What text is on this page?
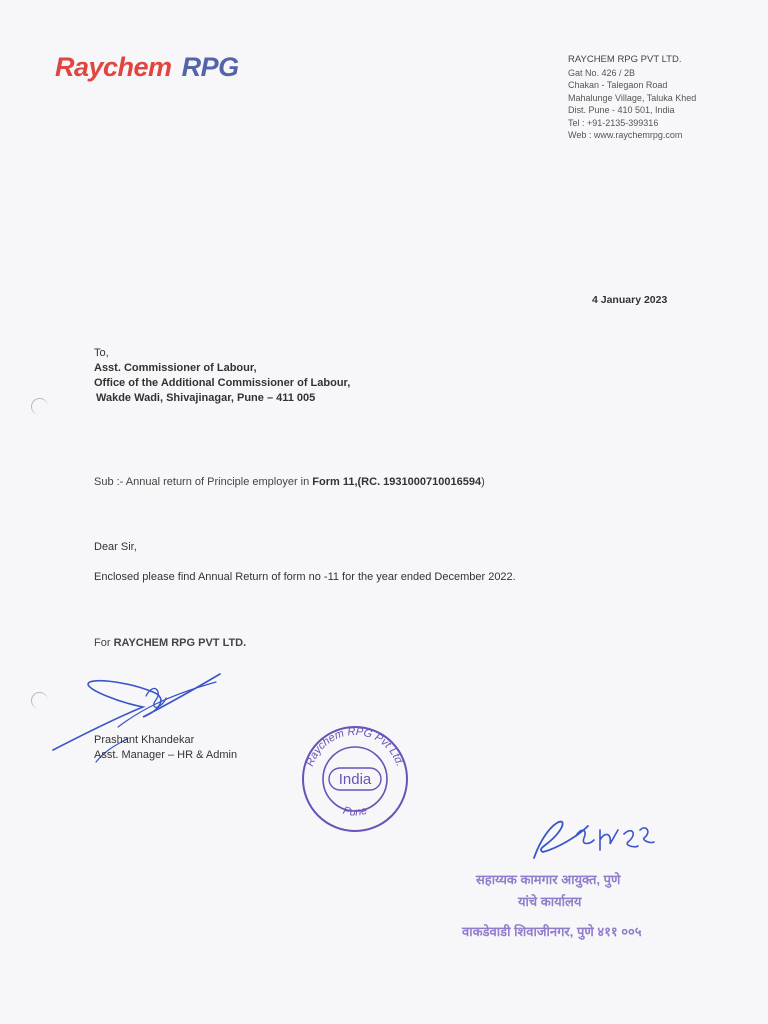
Raychem RPG	RAYCHEM RPG PVT LTD.
Gat No. 426 / 2B
Chakan - Talegaon Road
Mahalunge Village, Taluka Khed
Dist. Pune - 410 501, India
Tel : +91-2135-399316
Web : www.raychemrpg.com
4 January 2023
To,
Asst. Commissioner of Labour,
Office of the Additional Commissioner of Labour,
Wakde Wadi, Shivajinagar, Pune – 411 005
Sub :- Annual return of Principle employer in Form 11,(RC. 1931000710016594)
Dear Sir,
Enclosed please find Annual Return of form no -11 for the year ended December 2022.
For RAYCHEM RPG PVT LTD.
Prashant Khandekar
Asst. Manager – HR & Admin
India
Raychem RPG Pvt Ltd.
Pune
सहाय्यक कामगार आयुक्त, पुणे
यांचे कार्यालय
वाकडेवाडी शिवाजीनगर, पुणे ४११ ००५
